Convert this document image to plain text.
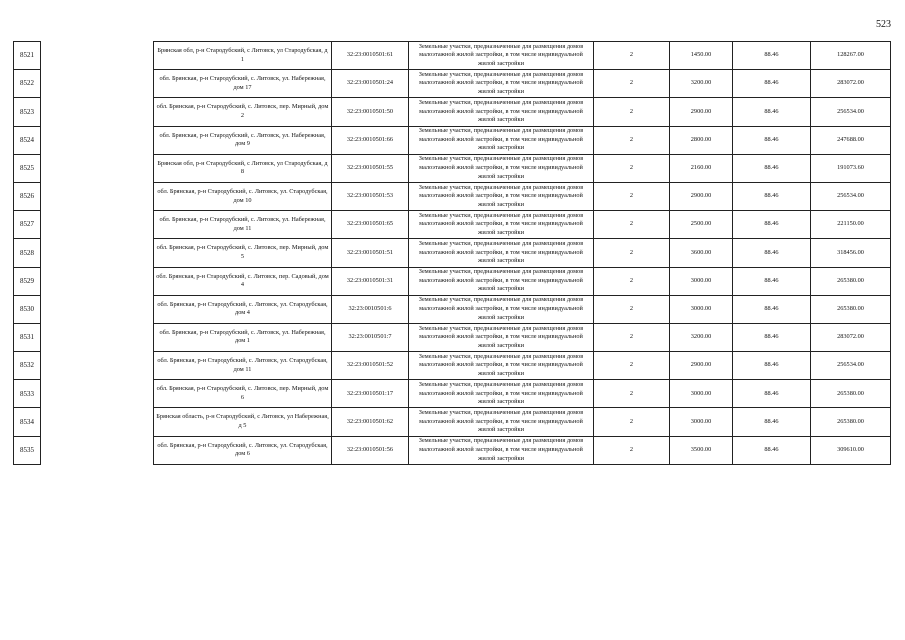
523
8521		Брянская обл, р-н Стародубский, с Литовск, ул Стародубская, д 1	32:23:0010501:61	Земельные участки, предназначенные для размещения домов малоэтажной жилой застройки, в том числе индивидуальной жилой застройки	2	1450.00	88.46	128267.00
8522		обл. Брянская, р-н Стародубский, с. Литовск, ул. Набережная, дом 17	32:23:0010501:24	Земельные участки, предназначенные для размещения домов малоэтажной жилой застройки, в том числе индивидуальной жилой застройки	2	3200.00	88.46	283072.00
8523		обл. Брянская, р-н Стародубский, с. Литовск, пер. Мирный, дом 2	32:23:0010501:50	Земельные участки, предназначенные для размещения домов малоэтажной жилой застройки, в том числе индивидуальной жилой застройки	2	2900.00	88.46	256534.00
8524		обл. Брянская, р-н Стародубский, с. Литовск, ул. Набережная, дом 9	32:23:0010501:66	Земельные участки, предназначенные для размещения домов малоэтажной жилой застройки, в том числе индивидуальной жилой застройки	2	2800.00	88.46	247688.00
8525		Брянская обл, р-н Стародубский, с Литовск, ул Стародубская, д 8	32:23:0010501:55	Земельные участки, предназначенные для размещения домов малоэтажной жилой застройки, в том числе индивидуальной жилой застройки	2	2160.00	88.46	191073.60
8526		обл. Брянская, р-н Стародубский, с. Литовск, ул. Стародубская, дом 10	32:23:0010501:53	Земельные участки, предназначенные для размещения домов малоэтажной жилой застройки, в том числе индивидуальной жилой застройки	2	2900.00	88.46	256534.00
8527		обл. Брянская, р-н Стародубский, с. Литовск, ул. Набережная, дом 11	32:23:0010501:65	Земельные участки, предназначенные для размещения домов малоэтажной жилой застройки, в том числе индивидуальной жилой застройки	2	2500.00	88.46	221150.00
8528		обл. Брянская, р-н Стародубский, с. Литовск, пер. Мирный, дом 5	32:23:0010501:51	Земельные участки, предназначенные для размещения домов малоэтажной жилой застройки, в том числе индивидуальной жилой застройки	2	3600.00	88.46	318456.00
8529		обл. Брянская, р-н Стародубский, с. Литовск, пер. Садовый, дом 4	32:23:0010501:31	Земельные участки, предназначенные для размещения домов малоэтажной жилой застройки, в том числе индивидуальной жилой застройки	2	3000.00	88.46	265380.00
8530		обл. Брянская, р-н Стародубский, с. Литовск, ул. Стародубская, дом 4	32:23:0010501:6	Земельные участки, предназначенные для размещения домов малоэтажной жилой застройки, в том числе индивидуальной жилой застройки	2	3000.00	88.46	265380.00
8531		обл. Брянская, р-н Стародубский, с. Литовск, ул. Набережная, дом 1	32:23:0010501:7	Земельные участки, предназначенные для размещения домов малоэтажной жилой застройки, в том числе индивидуальной жилой застройки	2	3200.00	88.46	283072.00
8532		обл. Брянская, р-н Стародубский, с. Литовск, ул. Стародубская, дом 11	32:23:0010501:52	Земельные участки, предназначенные для размещения домов малоэтажной жилой застройки, в том числе индивидуальной жилой застройки	2	2900.00	88.46	256534.00
8533		обл. Брянская, р-н Стародубский, с. Литовск, пер. Мирный, дом 6	32:23:0010501:17	Земельные участки, предназначенные для размещения домов малоэтажной жилой застройки, в том числе индивидуальной жилой застройки	2	3000.00	88.46	265380.00
8534		Брянская область, р-н Стародубский, с Литовск, ул Набережная, д 5	32:23:0010501:62	Земельные участки, предназначенные для размещения домов малоэтажной жилой застройки, в том числе индивидуальной жилой застройки	2	3000.00	88.46	265380.00
8535		обл. Брянская, р-н Стародубский, с. Литовск, ул. Стародубская, дом 6	32:23:0010501:56	Земельные участки, предназначенные для размещения домов малоэтажной жилой застройки, в том числе индивидуальной жилой застройки	2	3500.00	88.46	309610.00
